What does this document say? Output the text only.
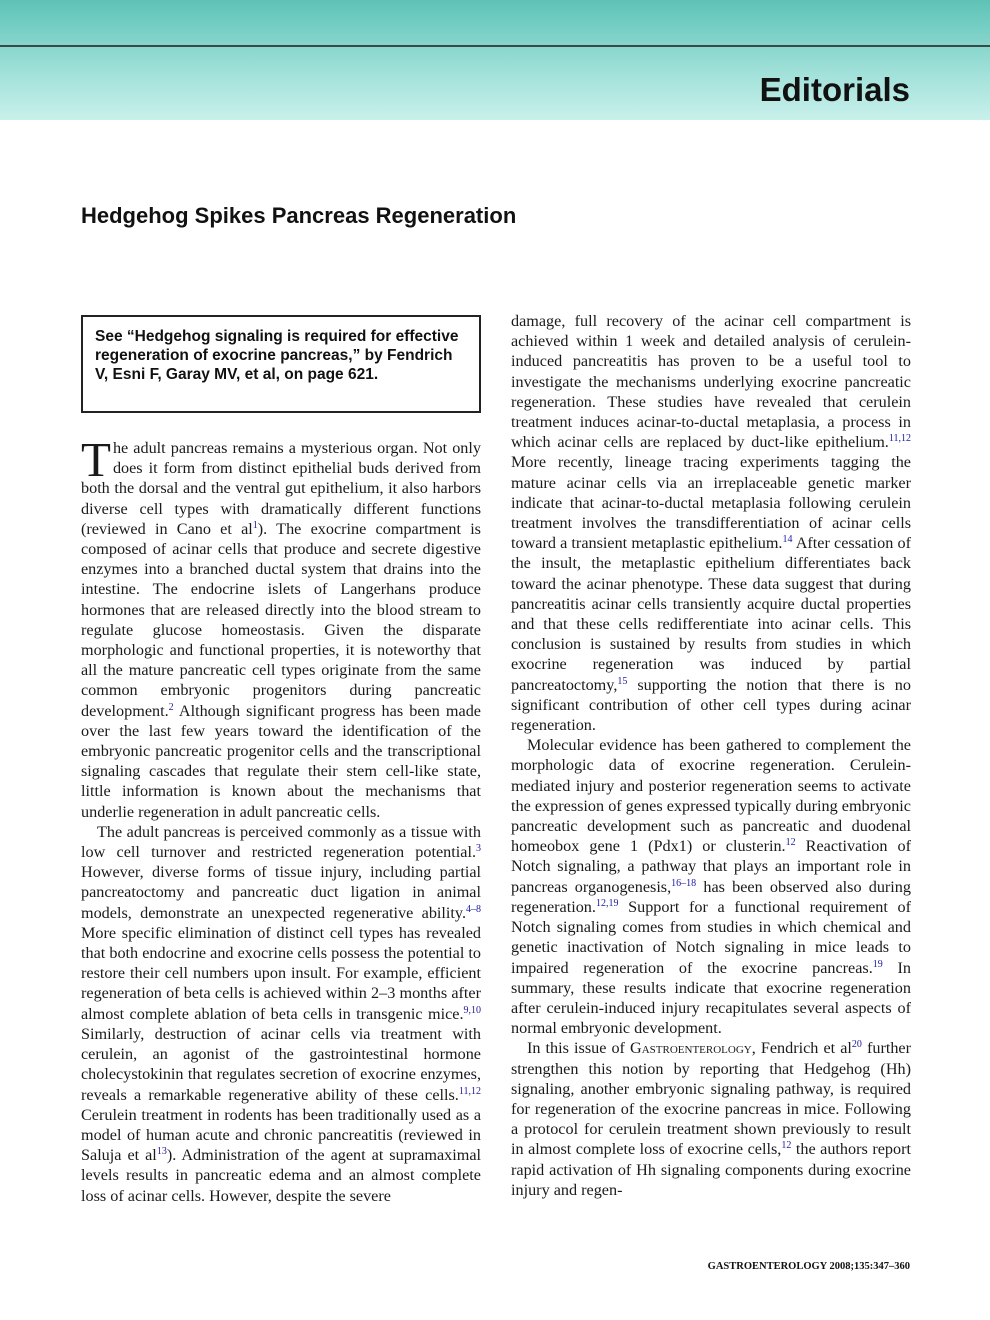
Editorials
Hedgehog Spikes Pancreas Regeneration
See “Hedgehog signaling is required for effective regeneration of exocrine pancreas,” by Fendrich V, Esni F, Garay MV, et al, on page 621.

The adult pancreas remains a mysterious organ. Not only does it form from distinct epithelial buds derived from both the dorsal and the ventral gut epithelium, it also harbors diverse cell types with dramatically different functions (reviewed in Cano et al$^1$). The exocrine compartment is composed of acinar cells that produce and secrete digestive enzymes into a branched ductal system that drains into the intestine. The endocrine islets of Langerhans produce hormones that are released directly into the blood stream to regulate glucose homeostasis. Given the disparate morphologic and functional properties, it is noteworthy that all the mature pancreatic cell types originate from the same common embryonic progenitors during pancreatic development.$^2$ Although significant progress has been made over the last few years toward the identification of the embryonic pancreatic progenitor cells and the transcriptional signaling cascades that regulate their stem cell-like state, little information is known about the mechanisms that underlie regeneration in adult pancreatic cells.

The adult pancreas is perceived commonly as a tissue with low cell turnover and restricted regeneration potential.$^3$ However, diverse forms of tissue injury, including partial pancreatoctomy and pancreatic duct ligation in animal models, demonstrate an unexpected regenerative ability.$^{4-8}$ More specific elimination of distinct cell types has revealed that both endocrine and exocrine cells possess the potential to restore their cell numbers upon insult. For example, efficient regeneration of beta cells is achieved within 2–3 months after almost complete ablation of beta cells in transgenic mice.$^{9,10}$ Similarly, destruction of acinar cells via treatment with cerulein, an agonist of the gastrointestinal hormone cholecystokinin that regulates secretion of exocrine enzymes, reveals a remarkable regenerative ability of these cells.$^{11,12}$ Cerulein treatment in rodents has been traditionally used as a model of human acute and chronic pancreatitis (reviewed in Saluja et al$^{13}$). Administration of the agent at supramaximal levels results in pancreatic edema and an almost complete loss of acinar cells. However, despite the severe

damage, full recovery of the acinar cell compartment is achieved within 1 week and detailed analysis of cerulein-induced pancreatitis has proven to be a useful tool to investigate the mechanisms underlying exocrine pancreatic regeneration. These studies have revealed that cerulein treatment induces acinar-to-ductal metaplasia, a process in which acinar cells are replaced by duct-like epithelium.$^{11,12}$ More recently, lineage tracing experiments tagging the mature acinar cells via an irreplaceable genetic marker indicate that acinar-to-ductal metaplasia following cerulein treatment involves the transdifferentiation of acinar cells toward a transient metaplastic epithelium.$^{14}$ After cessation of the insult, the metaplastic epithelium differentiates back toward the acinar phenotype. These data suggest that during pancreatitis acinar cells transiently acquire ductal properties and that these cells redifferentiate into acinar cells. This conclusion is sustained by results from studies in which exocrine regeneration was induced by partial pancreatoctomy,$^{15}$ supporting the notion that there is no significant contribution of other cell types during acinar regeneration.

Molecular evidence has been gathered to complement the morphologic data of exocrine regeneration. Cerulein-mediated injury and posterior regeneration seems to activate the expression of genes expressed typically during embryonic pancreatic development such as pancreatic and duodenal homeobox gene 1 (Pdx1) or clusterin.$^{12}$ Reactivation of Notch signaling, a pathway that plays an important role in pancreas organogenesis,$^{16-18}$ has been observed also during regeneration.$^{12,19}$ Support for a functional requirement of Notch signaling comes from studies in which chemical and genetic inactivation of Notch signaling in mice leads to impaired regeneration of the exocrine pancreas.$^{19}$ In summary, these results indicate that exocrine regeneration after cerulein-induced injury recapitulates several aspects of normal embryonic development.

In this issue of Gastroenterology, Fendrich et al$^{20}$ further strengthen this notion by reporting that Hedgehog (Hh) signaling, another embryonic signaling pathway, is required for regeneration of the exocrine pancreas in mice. Following a protocol for cerulein treatment shown previously to result in almost complete loss of exocrine cells,$^{12}$ the authors report rapid activation of Hh signaling components during exocrine injury and regen-

GASTROENTEROLOGY 2008;135:347–360
